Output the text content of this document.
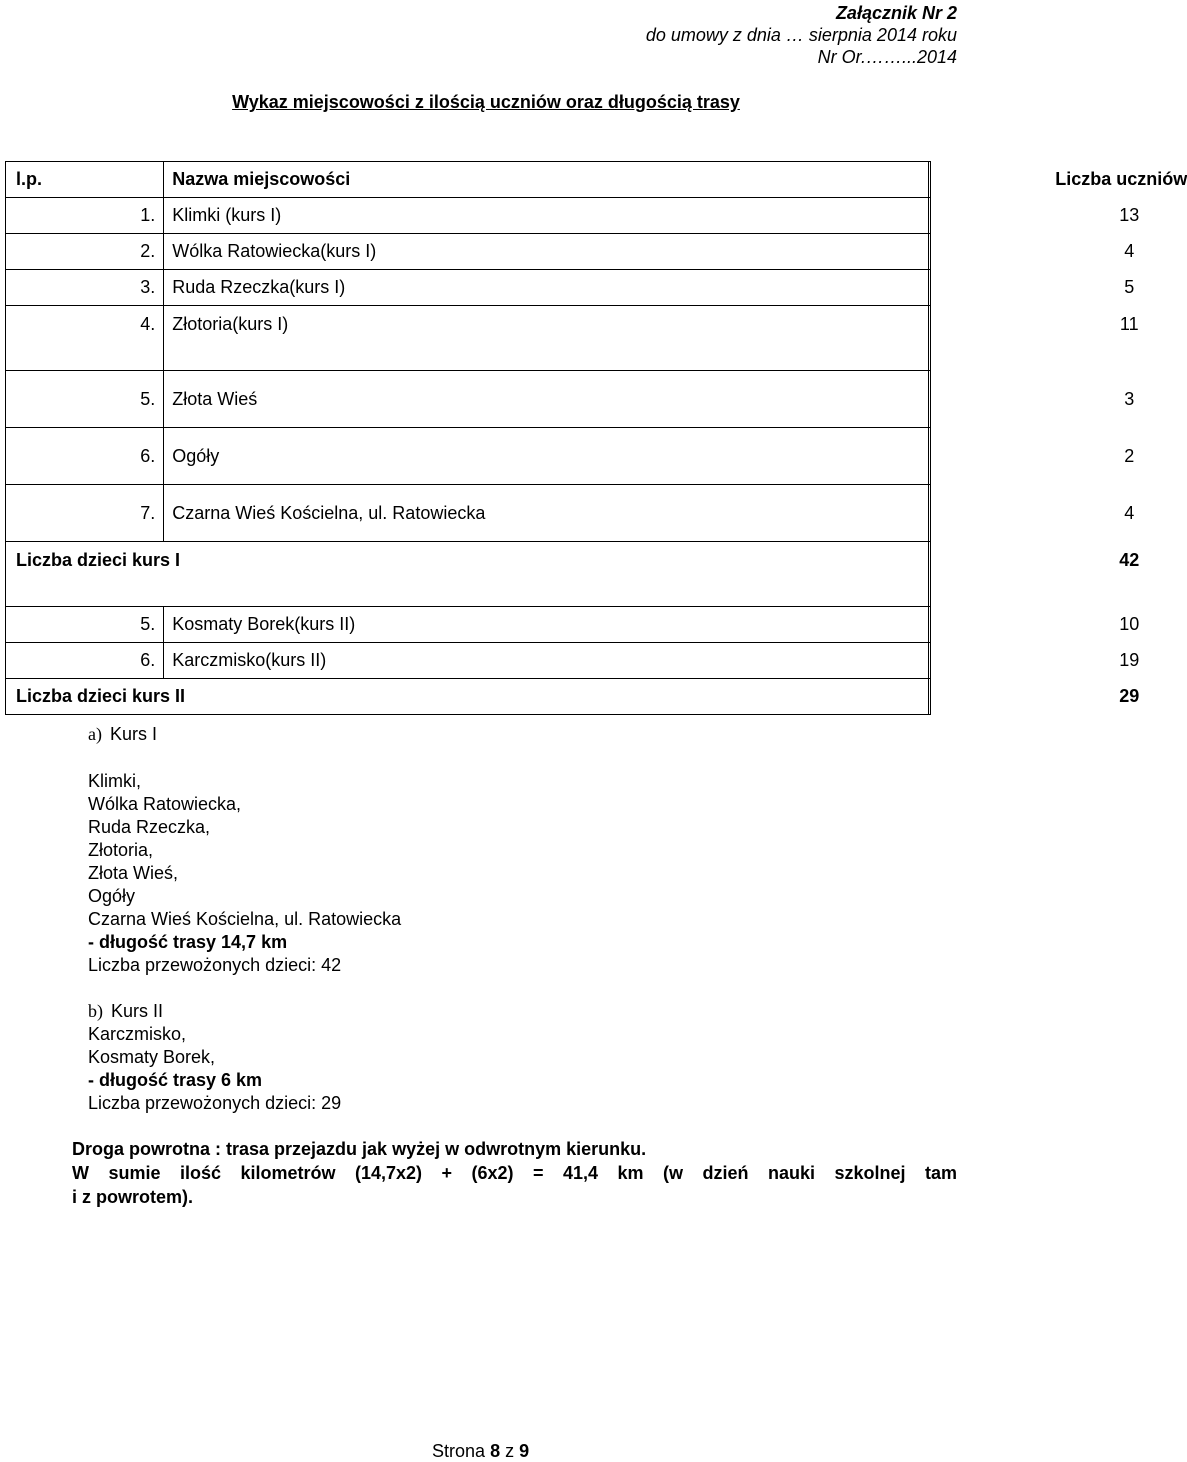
Załącznik Nr 2
do umowy z dnia … sierpnia 2014 roku
Nr Or.……...2014
Wykaz miejscowości z ilością uczniów oraz długością trasy
l.p.	Nazwa miejscowości	Liczba uczniów
1.	Klimki (kurs I)	13
2.	Wólka Ratowiecka(kurs I)	4
3.	Ruda Rzeczka(kurs I)	5
4.	Złotoria(kurs I)	11
5.	Złota Wieś	3
6.	Ogóły	2
7.	Czarna Wieś Kościelna, ul. Ratowiecka	4
Liczba dzieci kurs I		42
5.	Kosmaty Borek(kurs II)	10
6.	Karczmisko(kurs II)	19
Liczba dzieci kurs II		29
a) Kurs I
Klimki,
Wólka Ratowiecka,
Ruda Rzeczka,
Złotoria,
Złota Wieś,
Ogóły
Czarna Wieś Kościelna, ul. Ratowiecka
- długość trasy 14,7 km
Liczba przewożonych dzieci: 42
b) Kurs II
Karczmisko,
Kosmaty Borek,
- długość trasy 6 km
Liczba przewożonych dzieci: 29
Droga powrotna : trasa przejazdu jak wyżej w odwrotnym kierunku.
W sumie ilość kilometrów (14,7x2) + (6x2) = 41,4 km (w dzień nauki szkolnej tam
i z powrotem).
Strona 8 z 9
